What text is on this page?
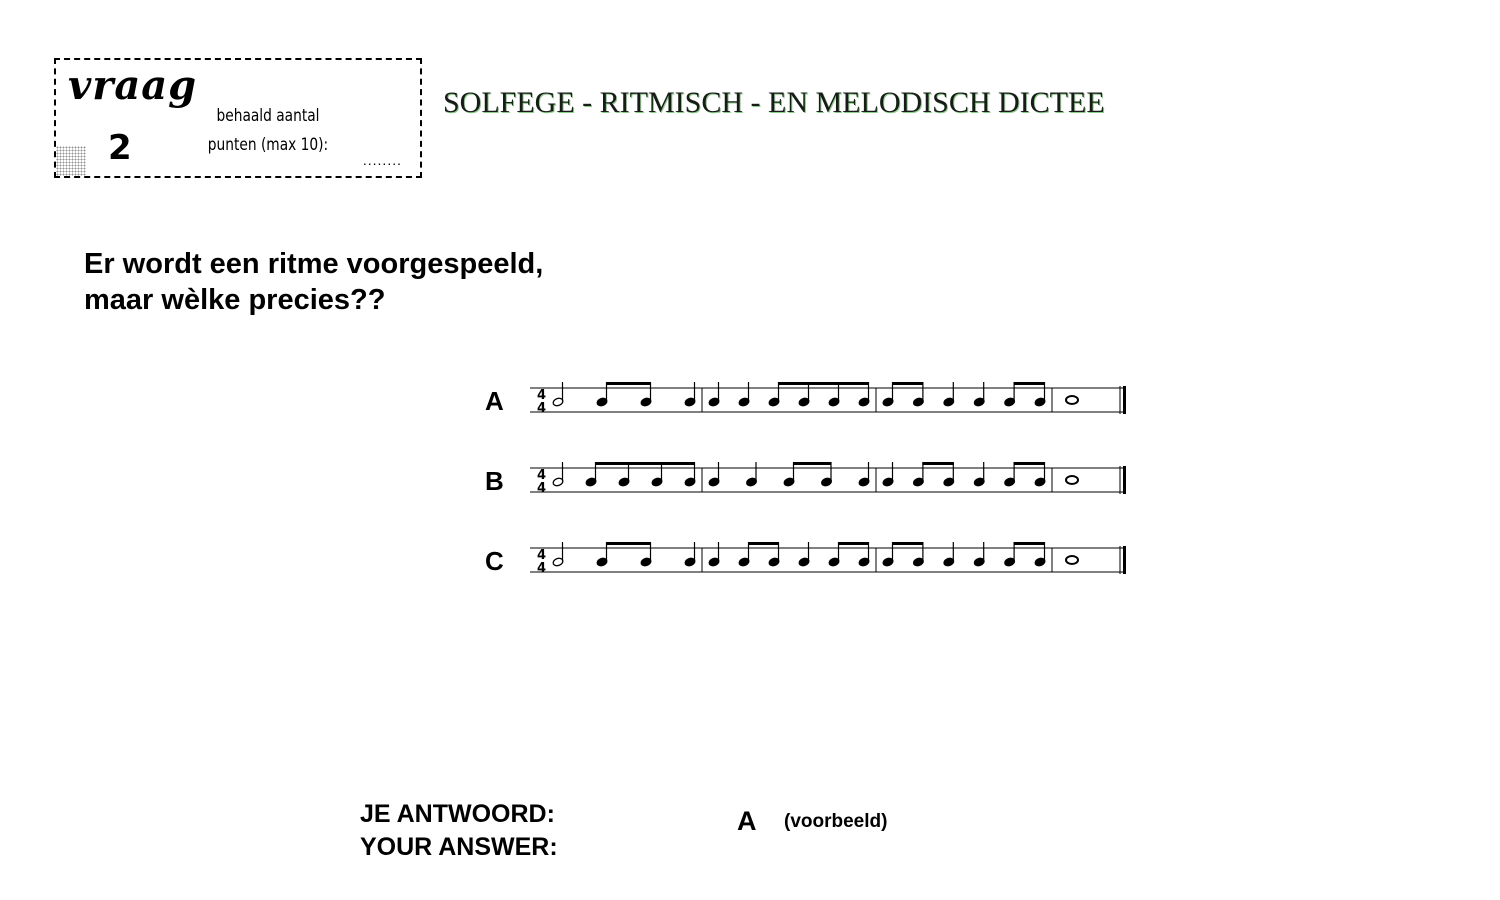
vraag
2
behaald aantal
punten (max 10):
........
SOLFEGE - RITMISCH - EN MELODISCH DICTEE
Er wordt een ritme voorgespeeld,
maar wèlke precies??
A	4
4
B	4
4
C	4
4
JE ANTWOORD:
YOUR ANSWER:
A (voorbeeld)
